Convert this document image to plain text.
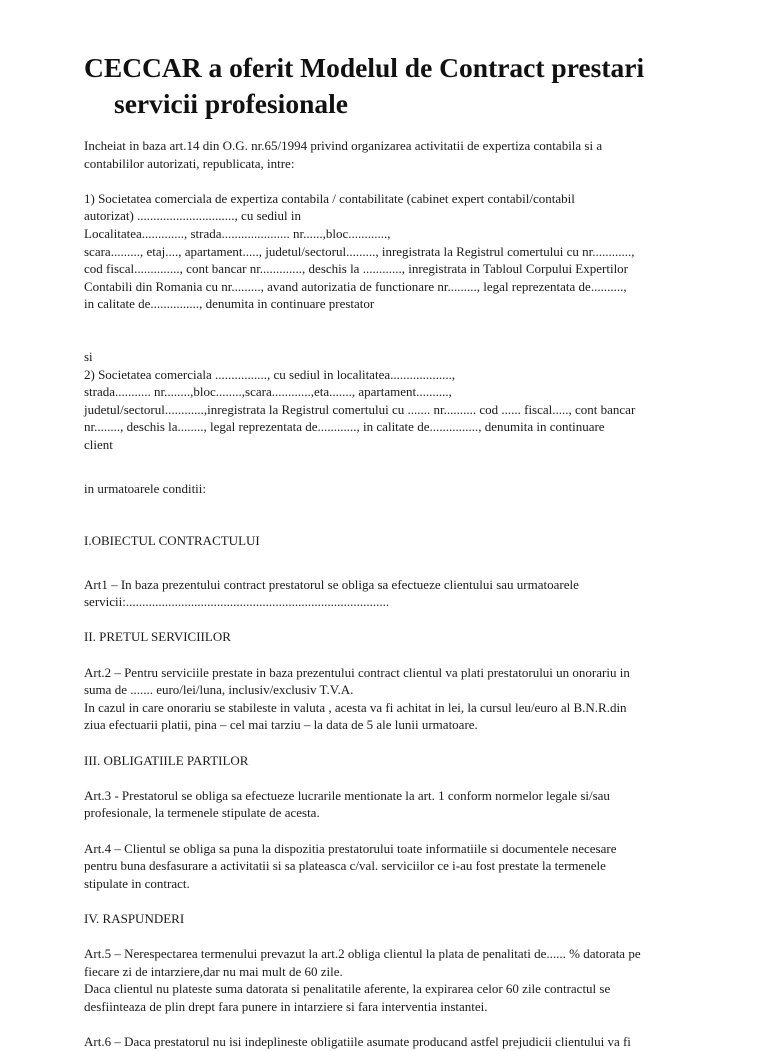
CECCAR a oferit Modelul de Contract prestari
servicii profesionale

Incheiat in baza art.14 din O.G. nr.65/1994 privind organizarea activitatii de expertiza contabila si a

contabililor autorizati, republicata, intre:

1) Societatea comerciala de expertiza contabila / contabilitate (cabinet expert contabil/contabil

autorizat) .............................., cu sediul in

Localitatea............., strada..................... nr......,bloc............,

scara........., etaj...., apartament....., judetul/sectorul........., inregistrata la Registrul comertului cu nr............,

cod fiscal.............., cont bancar nr............., deschis la ............, inregistrata in Tabloul Corpului Expertilor

Contabili din Romania cu nr........., avand autorizatia de functionare nr........., legal reprezentata de..........,

in calitate de..............., denumita in continuare prestator

si

2) Societatea comerciala ................, cu sediul in localitatea...................,

strada........... nr........,bloc........,scara............,eta......., apartament..........,

judetul/sectorul............,inregistrata la Registrul comertului cu ....... nr.......... cod ...... fiscal....., cont bancar

nr........, deschis la........, legal reprezentata de............, in calitate de..............., denumita in continuare

client

in urmatoarele conditii:

I.OBIECTUL CONTRACTULUI

Art1 – In baza prezentului contract prestatorul se obliga sa efectueze clientului sau urmatoarele

servicii:.................................................................................

II. PRETUL SERVICIILOR

Art.2 – Pentru serviciile prestate in baza prezentului contract clientul va plati prestatorului un onorariu in

suma de ....... euro/lei/luna, inclusiv/exclusiv T.V.A.

In cazul in care onorariu se stabileste in valuta , acesta va fi achitat in lei, la cursul leu/euro al B.N.R.din

ziua efectuarii platii, pina – cel mai tarziu – la data de 5 ale lunii urmatoare.

III. OBLIGATIILE PARTILOR

Art.3 - Prestatorul se obliga sa efectueze lucrarile mentionate la art. 1 conform normelor legale si/sau

profesionale, la termenele stipulate de acesta.

Art.4 – Clientul se obliga sa puna la dispozitia prestatorului toate informatiile si documentele necesare

pentru buna desfasurare a activitatii si sa plateasca c/val. serviciilor ce i-au fost prestate la termenele

stipulate in contract.

IV. RASPUNDERI

Art.5 – Nerespectarea termenului prevazut la art.2 obliga clientul la plata de penalitati de...... % datorata pe

fiecare zi de intarziere,dar nu mai mult de 60 zile.

Daca clientul nu plateste suma datorata si penalitatile aferente, la expirarea celor 60 zile contractul se

desfiinteaza de plin drept fara punere in intarziere si fara interventia instantei.

Art.6 – Daca prestatorul nu isi indeplineste obligatiile asumate producand astfel prejudicii clientului va fi
